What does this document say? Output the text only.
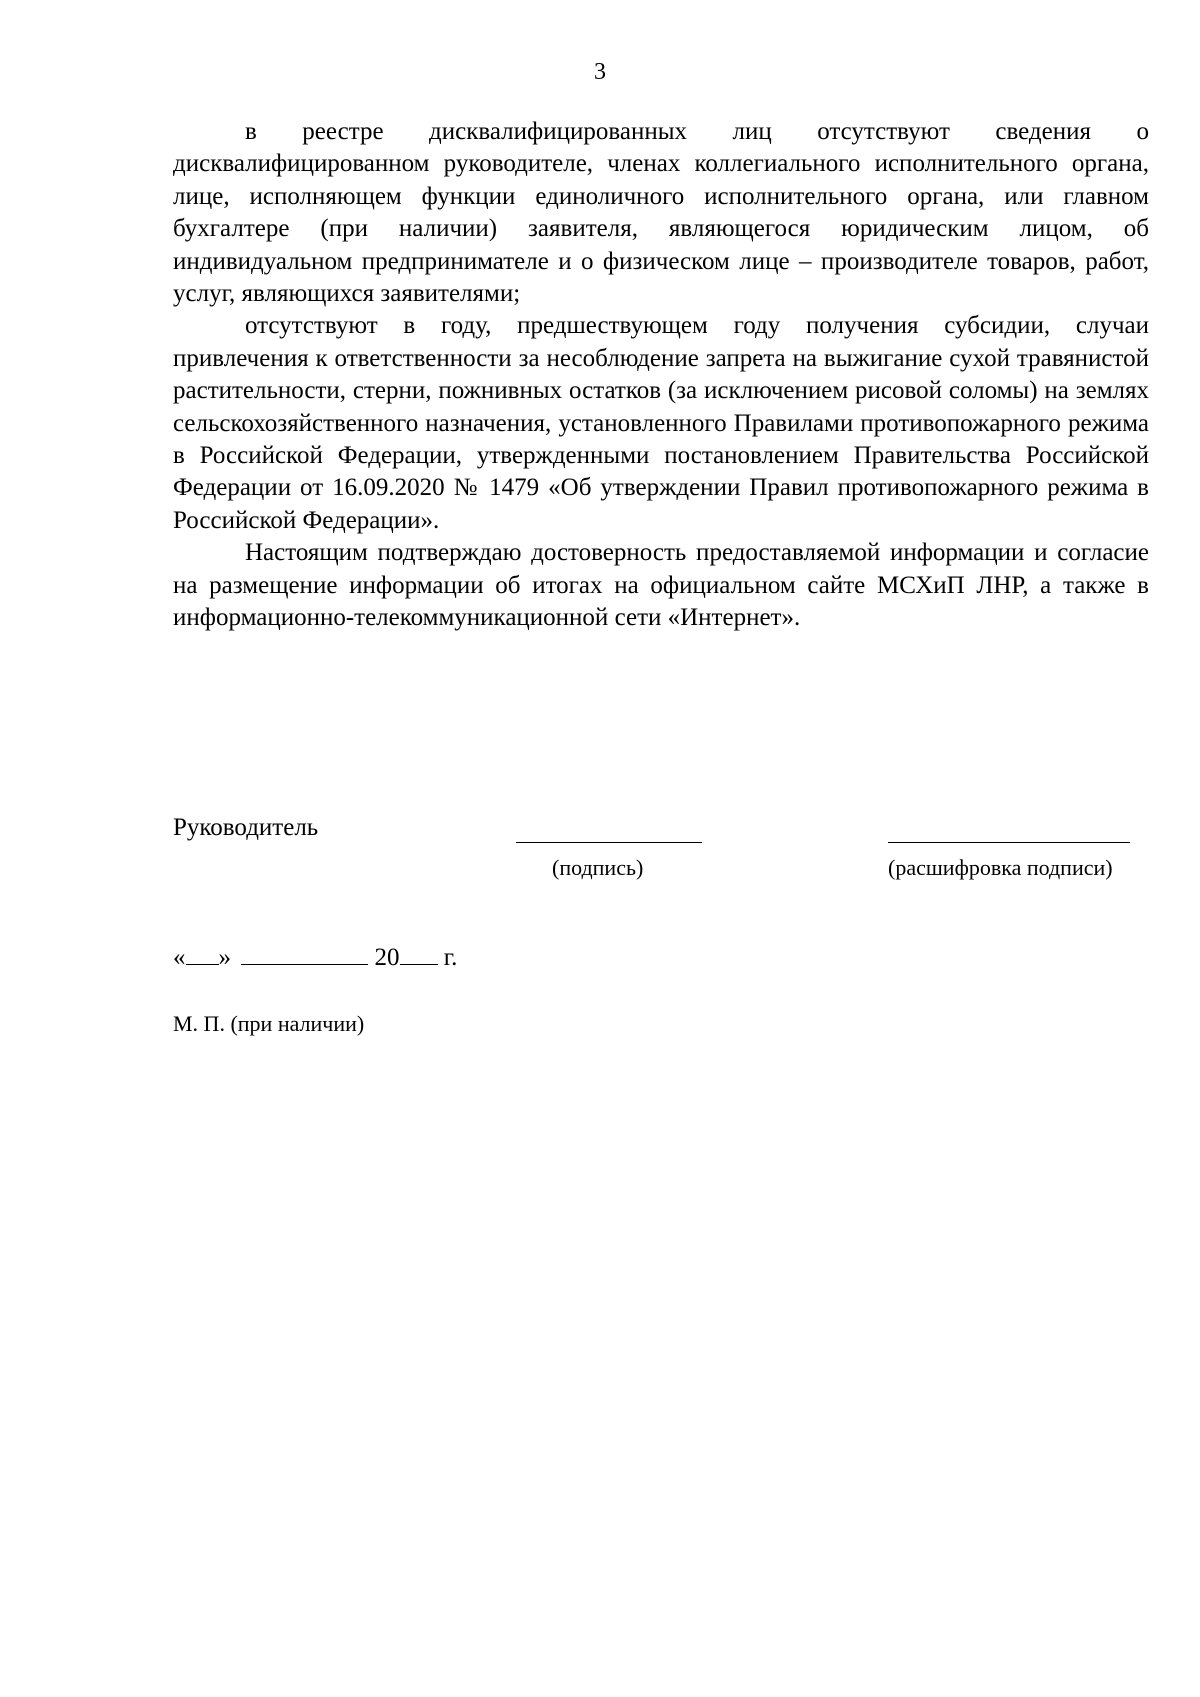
3

в реестре дисквалифицированных лиц отсутствуют сведения о дисквалифицированном руководителе, членах коллегиального исполнительного органа, лице, исполняющем функции единоличного исполнительного органа, или главном бухгалтере (при наличии) заявителя, являющегося юридическим лицом, об индивидуальном предпринимателе и о физическом лице – производителе товаров, работ, услуг, являющихся заявителями;

отсутствуют в году, предшествующем году получения субсидии, случаи привлечения к ответственности за несоблюдение запрета на выжигание сухой травянистой растительности, стерни, пожнивных остатков (за исключением рисовой соломы) на землях сельскохозяйственного назначения, установленного Правилами противопожарного режима в Российской Федерации, утвержденными постановлением Правительства Российской Федерации от 16.09.2020 № 1479 «Об утверждении Правил противопожарного режима в Российской Федерации».

Настоящим подтверждаю достоверность предоставляемой информации и согласие на размещение информации об итогах на официальном сайте МСХиП ЛНР, а также в информационно-телекоммуникационной сети «Интернет».

Руководитель
(подпись)	(расшифровка подписи)
« »	20 г.
М. П. (при наличии)
